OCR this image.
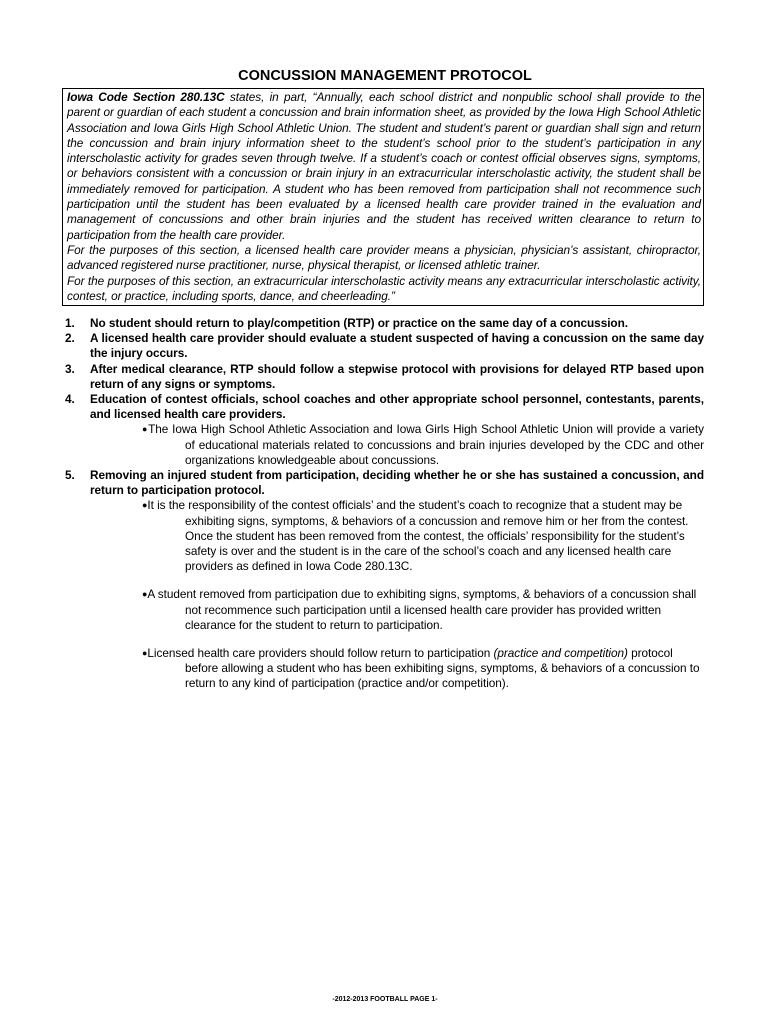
CONCUSSION MANAGEMENT PROTOCOL

Iowa Code Section 280.13C states, in part, “Annually, each school district and nonpublic school shall provide to the parent or guardian of each student a concussion and brain information sheet, as provided by the Iowa High School Athletic Association and Iowa Girls High School Athletic Union. The student and student’s parent or guardian shall sign and return the concussion and brain injury information sheet to the student’s school prior to the student’s participation in any interscholastic activity for grades seven through twelve. If a student’s coach or contest official observes signs, symptoms, or behaviors consistent with a concussion or brain injury in an extracurricular interscholastic activity, the student shall be immediately removed for participation. A student who has been removed from participation shall not recommence such participation until the student has been evaluated by a licensed health care provider trained in the evaluation and management of concussions and other brain injuries and the student has received written clearance to return to participation from the health care provider.

For the purposes of this section, a licensed health care provider means a physician, physician’s assistant, chiropractor, advanced registered nurse practitioner, nurse, physical therapist, or licensed athletic trainer.

For the purposes of this section, an extracurricular interscholastic activity means any extracurricular interscholastic activity, contest, or practice, including sports, dance, and cheerleading.”

1. No student should return to play/competition (RTP) or practice on the same day of a concussion.
2. A licensed health care provider should evaluate a student suspected of having a concussion on the same day the injury occurs.
3. After medical clearance, RTP should follow a stepwise protocol with provisions for delayed RTP based upon return of any signs or symptoms.
4. Education of contest officials, school coaches and other appropriate school personnel, contestants, parents, and licensed health care providers.
●The Iowa High School Athletic Association and Iowa Girls High School Athletic Union will provide a variety of educational materials related to concussions and brain injuries developed by the CDC and other organizations knowledgeable about concussions.
5. Removing an injured student from participation, deciding whether he or she has sustained a concussion, and return to participation protocol.
●It is the responsibility of the contest officials’ and the student’s coach to recognize that a student may be exhibiting signs, symptoms, & behaviors of a concussion and remove him or her from the contest. Once the student has been removed from the contest, the officials’ responsibility for the student’s safety is over and the student is in the care of the school’s coach and any licensed health care providers as defined in Iowa Code 280.13C.
●A student removed from participation due to exhibiting signs, symptoms, & behaviors of a concussion shall not recommence such participation until a licensed health care provider has provided written clearance for the student to return to participation.
●Licensed health care providers should follow return to participation (practice and competition) protocol before allowing a student who has been exhibiting signs, symptoms, & behaviors of a concussion to return to any kind of participation (practice and/or competition).
-2012-2013 FOOTBALL PAGE 1-
